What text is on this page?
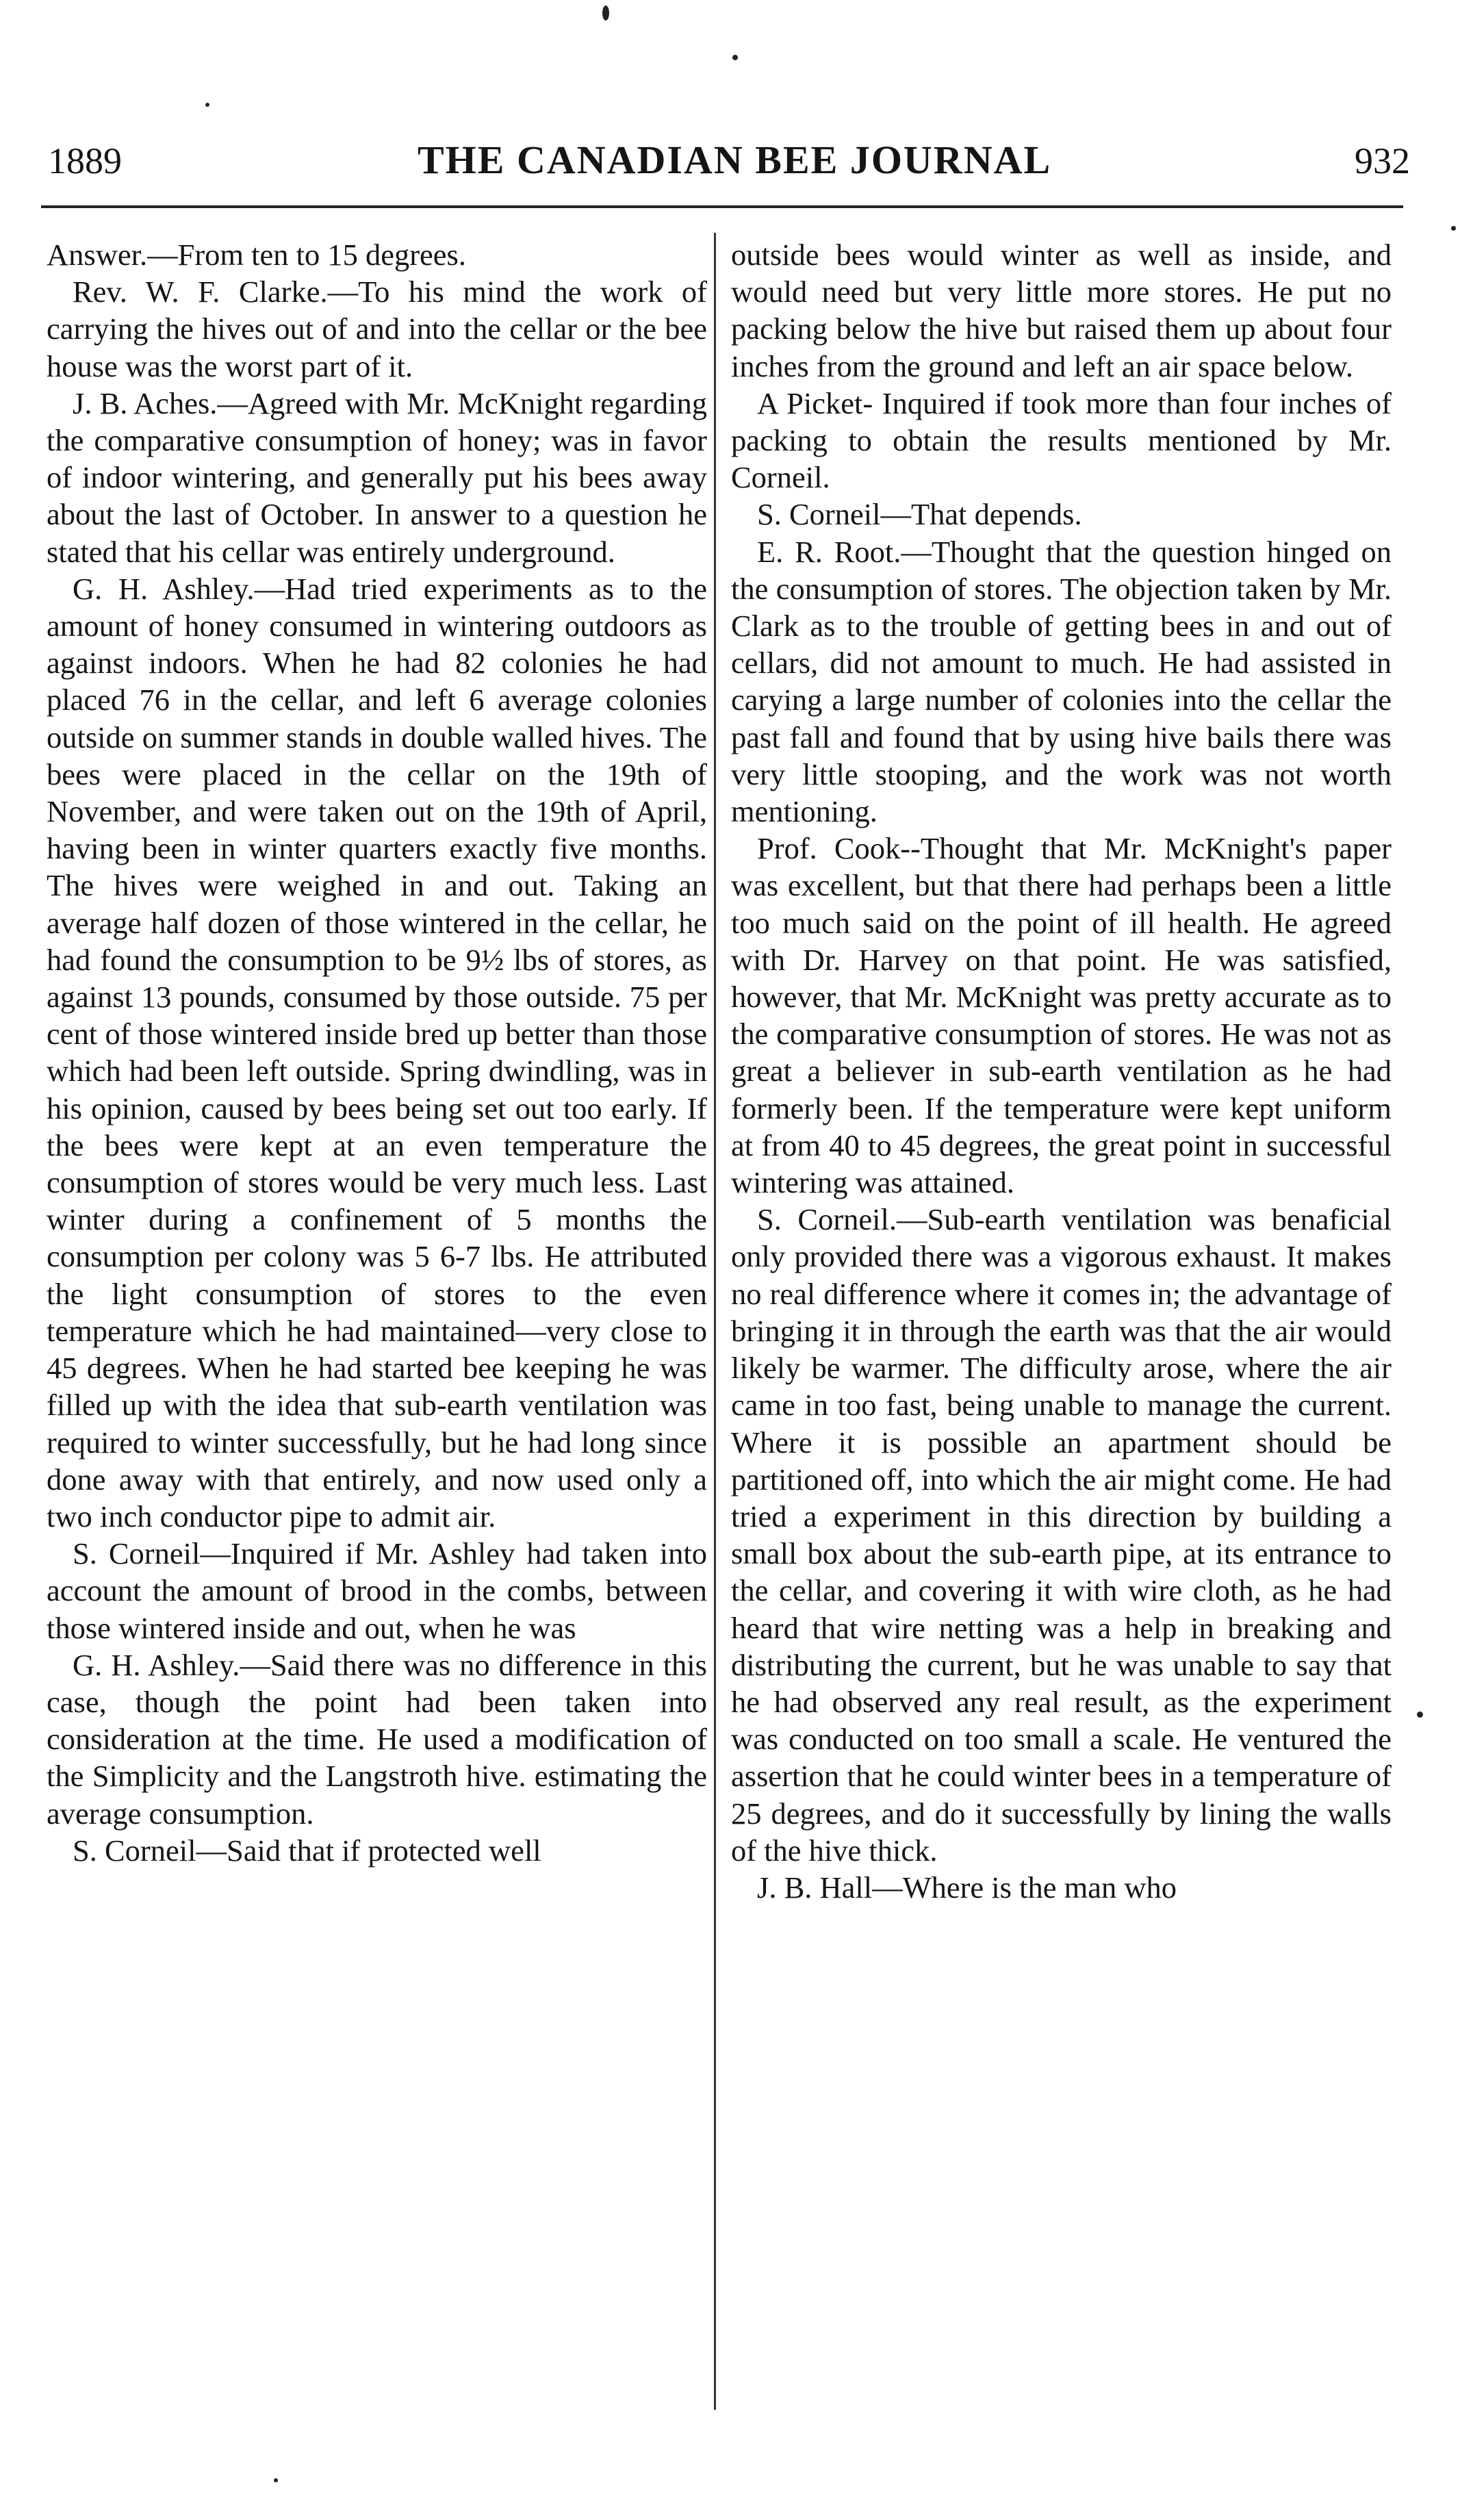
1889	THE CANADIAN BEE JOURNAL	932

Answer.—From ten to 15 degrees.

Rev. W. F. Clarke.—To his mind the work of carrying the hives out of and into the cellar or the bee house was the worst part of it.

J. B. Aches.—Agreed with Mr. McKnight regarding the comparative consumption of honey; was in favor of indoor wintering, and generally put his bees away about the last of October. In answer to a question he stated that his cellar was entirely underground.

G. H. Ashley.—Had tried experiments as to the amount of honey consumed in wintering outdoors as against indoors. When he had 82 colonies he had placed 76 in the cellar, and left 6 average colonies outside on summer stands in double walled hives. The bees were placed in the cellar on the 19th of November, and were taken out on the 19th of April, having been in winter quarters exactly five months. The hives were weighed in and out. Taking an average half dozen of those wintered in the cellar, he had found the consumption to be 9½ lbs of stores, as against 13 pounds, consumed by those outside. 75 per cent of those wintered inside bred up better than those which had been left outside. Spring dwindling, was in his opinion, caused by bees being set out too early. If the bees were kept at an even temperature the consumption of stores would be very much less. Last winter during a confinement of 5 months the consumption per colony was 5 6-7 lbs. He attributed the light consumption of stores to the even temperature which he had maintained—very close to 45 degrees. When he had started bee keeping he was filled up with the idea that sub-earth ventilation was required to winter successfully, but he had long since done away with that entirely, and now used only a two inch conductor pipe to admit air.

S. Corneil—Inquired if Mr. Ashley had taken into account the amount of brood in the combs, between those wintered inside and out, when he was

G. H. Ashley.—Said there was no difference in this case, though the point had been taken into consideration at the time. He used a modification of the Simplicity and the Langstroth hive. estimating the average consumption.

S. Corneil—Said that if protected well

outside bees would winter as well as inside, and would need but very little more stores. He put no packing below the hive but raised them up about four inches from the ground and left an air space below.

A Picket- Inquired if took more than four inches of packing to obtain the results mentioned by Mr. Corneil.

S. Corneil—That depends.

E. R. Root.—Thought that the question hinged on the consumption of stores. The objection taken by Mr. Clark as to the trouble of getting bees in and out of cellars, did not amount to much. He had assisted in carying a large number of colonies into the cellar the past fall and found that by using hive bails there was very little stooping, and the work was not worth mentioning.

Prof. Cook--Thought that Mr. McKnight's paper was excellent, but that there had perhaps been a little too much said on the point of ill health. He agreed with Dr. Harvey on that point. He was satisfied, however, that Mr. McKnight was pretty accurate as to the comparative consumption of stores. He was not as great a believer in sub-earth ventilation as he had formerly been. If the temperature were kept uniform at from 40 to 45 degrees, the great point in successful wintering was attained.

S. Corneil.—Sub-earth ventilation was benaficial only provided there was a vigorous exhaust. It makes no real difference where it comes in; the advantage of bringing it in through the earth was that the air would likely be warmer. The difficulty arose, where the air came in too fast, being unable to manage the current. Where it is possible an apartment should be partitioned off, into which the air might come. He had tried a experiment in this direction by building a small box about the sub-earth pipe, at its entrance to the cellar, and covering it with wire cloth, as he had heard that wire netting was a help in breaking and distributing the current, but he was unable to say that he had observed any real result, as the experiment was conducted on too small a scale. He ventured the assertion that he could winter bees in a temperature of 25 degrees, and do it successfully by lining the walls of the hive thick.

J. B. Hall—Where is the man who
